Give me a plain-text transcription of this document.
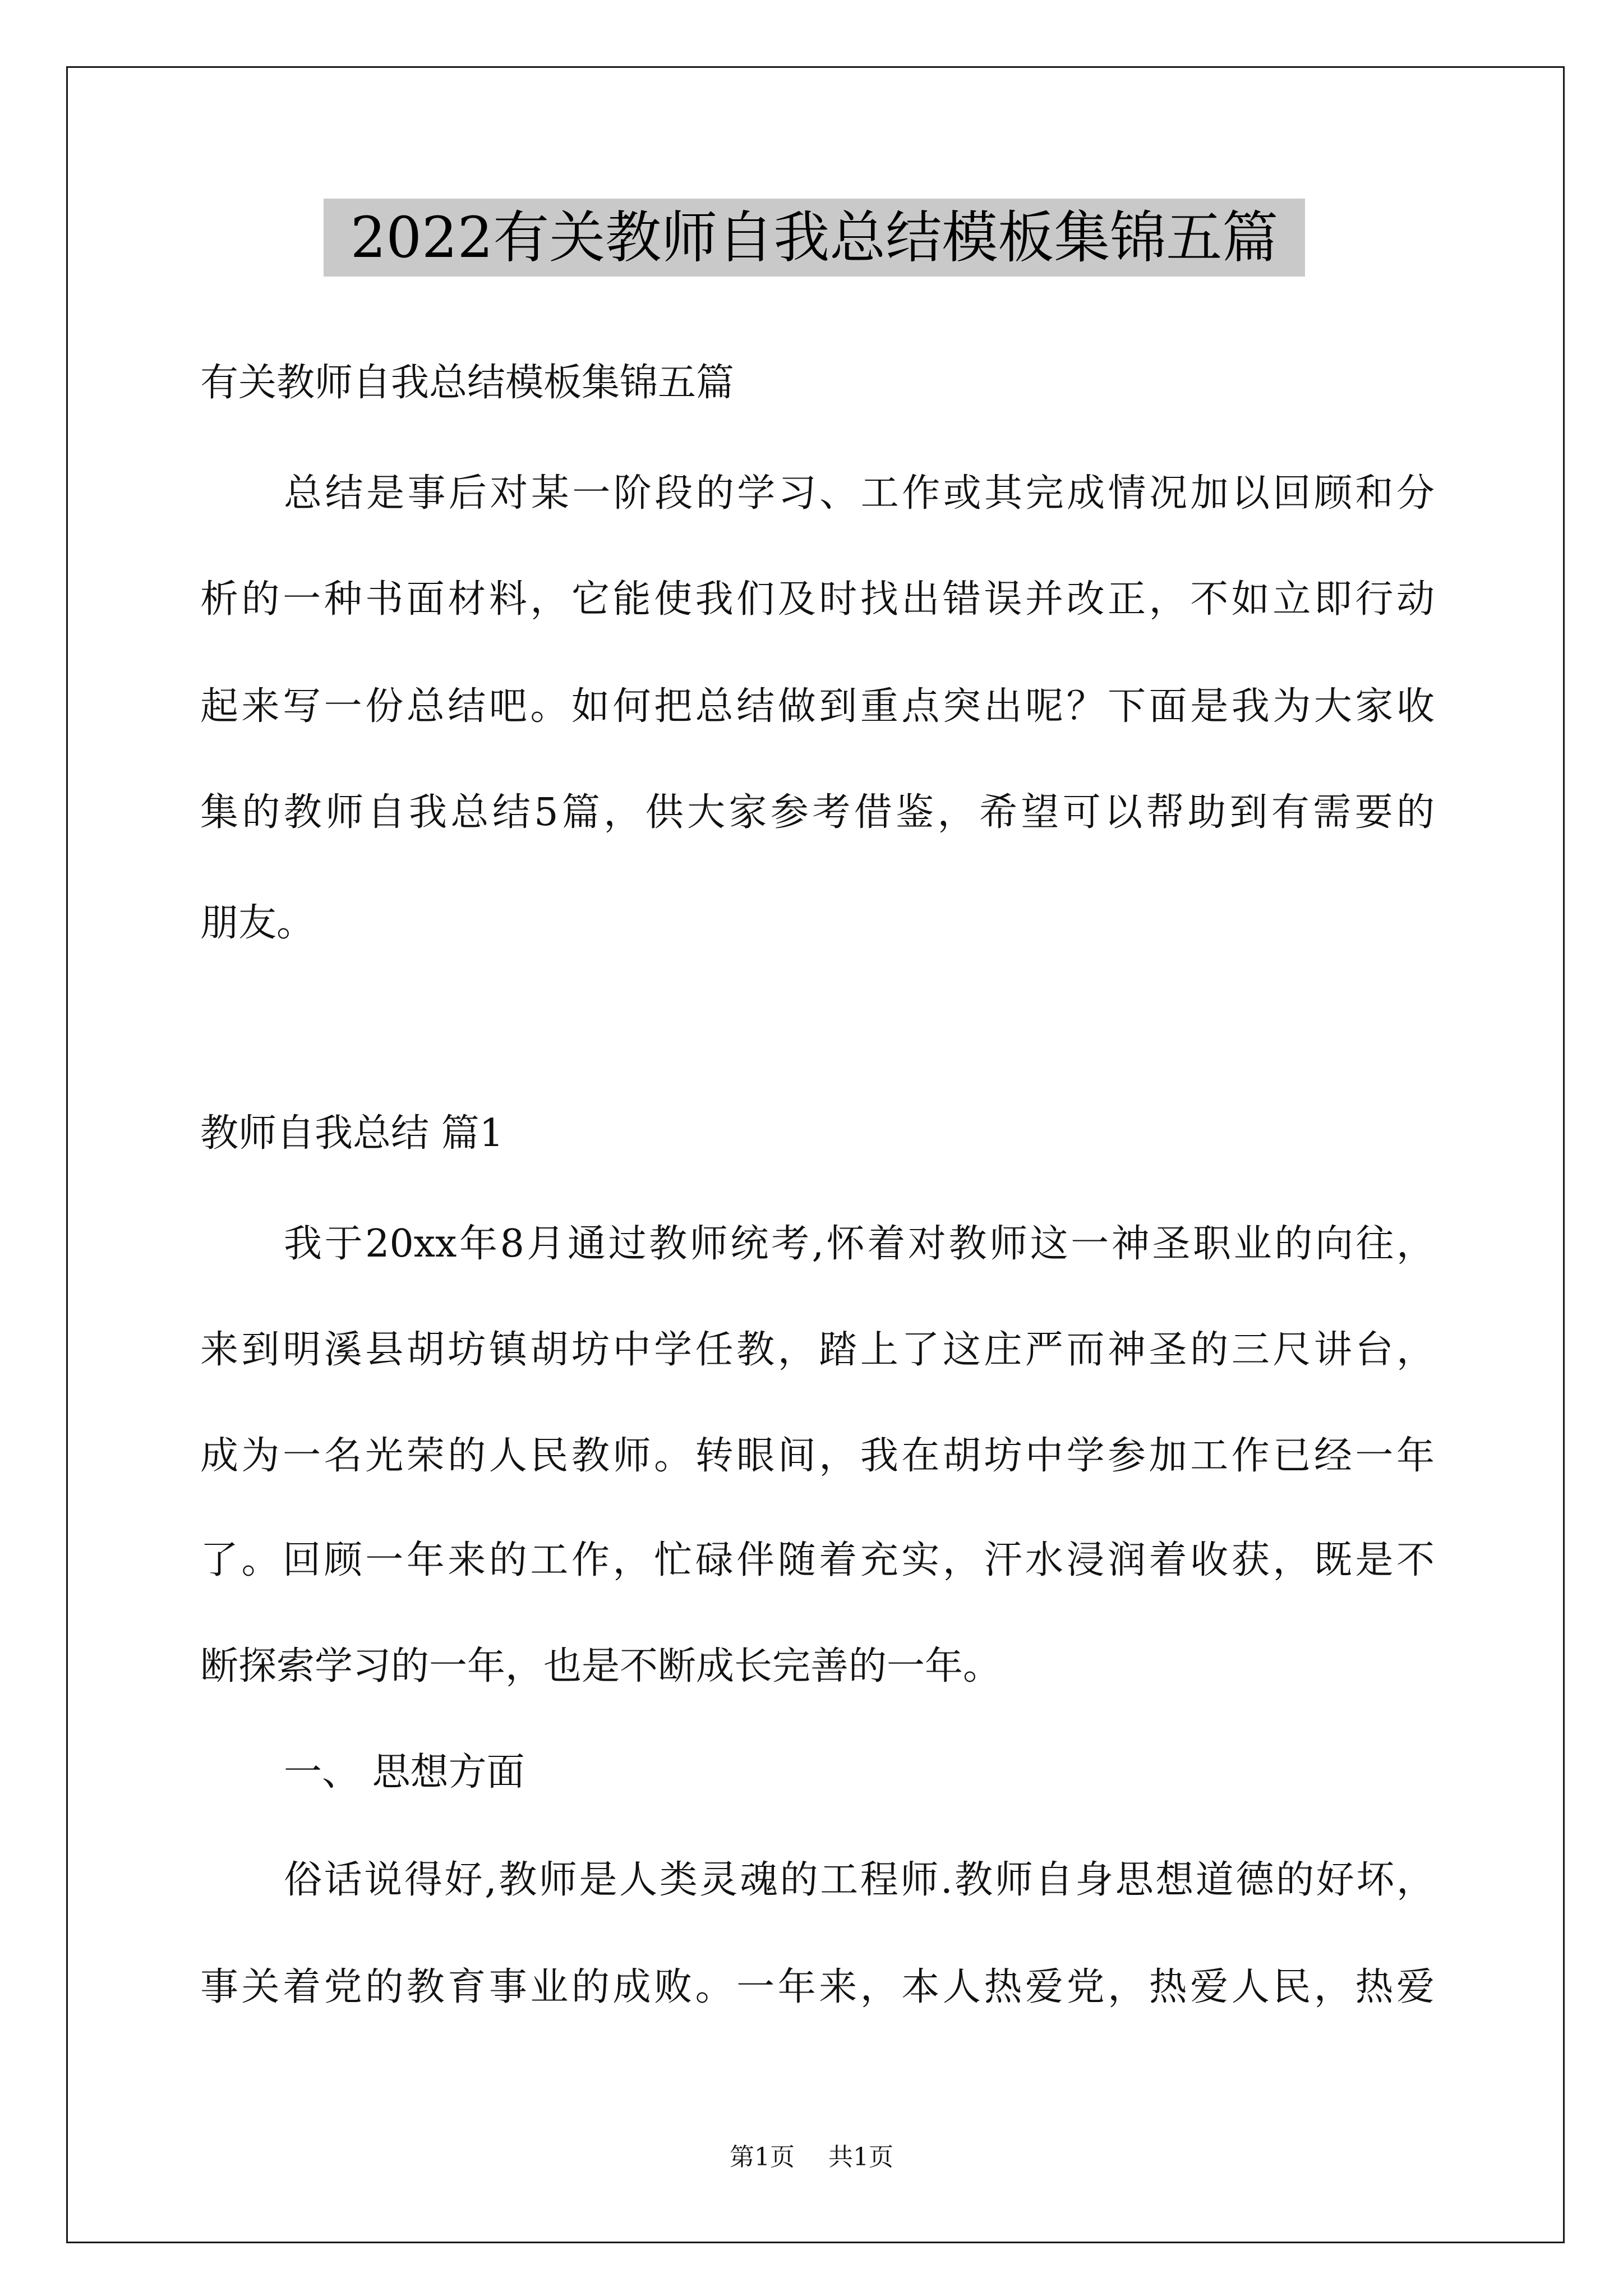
2022有关教师自我总结模板集锦五篇
有关教师自我总结模板集锦五篇
总结是事后对某一阶段的学习、工作或其完成情况加以回顾和分
析的一种书面材料，它能使我们及时找出错误并改正，不如立即行动
起来写一份总结吧。如何把总结做到重点突出呢？下面是我为大家收
集的教师自我总结5篇，供大家参考借鉴，希望可以帮助到有需要的
朋友。
教师自我总结 篇1
我于20xx年8月通过教师统考,怀着对教师这一神圣职业的向往，
来到明溪县胡坊镇胡坊中学任教，踏上了这庄严而神圣的三尺讲台，
成为一名光荣的人民教师。转眼间，我在胡坊中学参加工作已经一年
了。回顾一年来的工作，忙碌伴随着充实，汗水浸润着收获，既是不
断探索学习的一年，也是不断成长完善的一年。
一、 思想方面
俗话说得好,教师是人类灵魂的工程师.教师自身思想道德的好坏，
事关着党的教育事业的成败。一年来，本人热爱党，热爱人民，热爱
第1页 共1页
